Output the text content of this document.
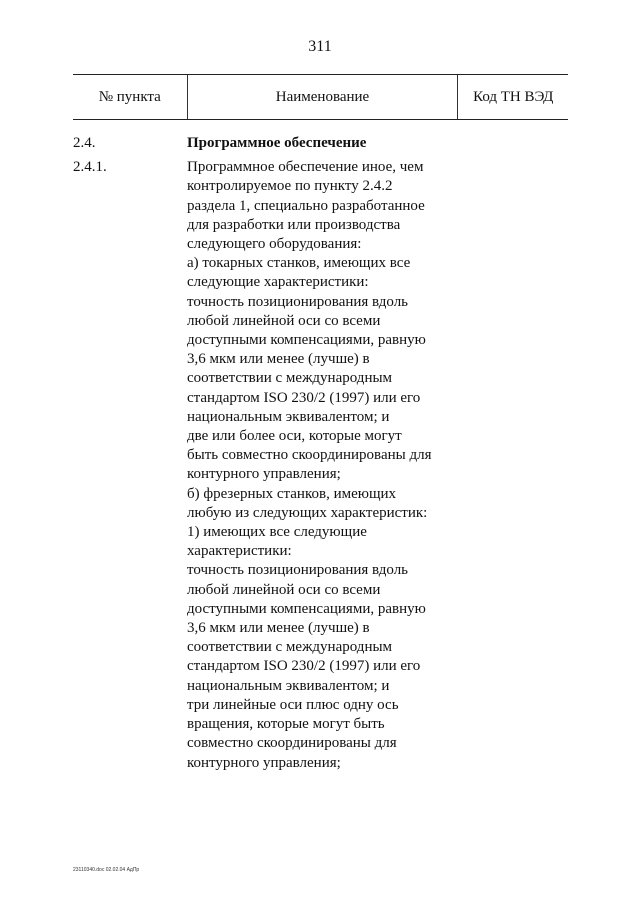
311
№ пункта	Наименование	Код ТН ВЭД
2.4.	Программное обеспечение
2.4.1.	Программное обеспечение иное, чем
контролируемое по пункту 2.4.2
раздела 1, специально разработанное
для разработки или производства
следующего оборудования:
а) токарных станков, имеющих все
следующие характеристики:
точность позиционирования вдоль
любой линейной оси со всеми
доступными компенсациями, равную
3,6 мкм или менее (лучше) в
соответствии с международным
стандартом ISO 230/2 (1997) или его
национальным эквивалентом; и
две или более оси, которые могут
быть совместно скоординированы для
контурного управления;
б) фрезерных станков, имеющих
любую из следующих характеристик:
1) имеющих все следующие
характеристики:
точность позиционирования вдоль
любой линейной оси со всеми
доступными компенсациями, равную
3,6 мкм или менее (лучше) в
соответствии с международным
стандартом ISO 230/2 (1997) или его
национальным эквивалентом; и
три линейные оси плюс одну ось
вращения, которые могут быть
совместно скоординированы для
контурного управления;
23110340.doc 02.02.04 АдПр
